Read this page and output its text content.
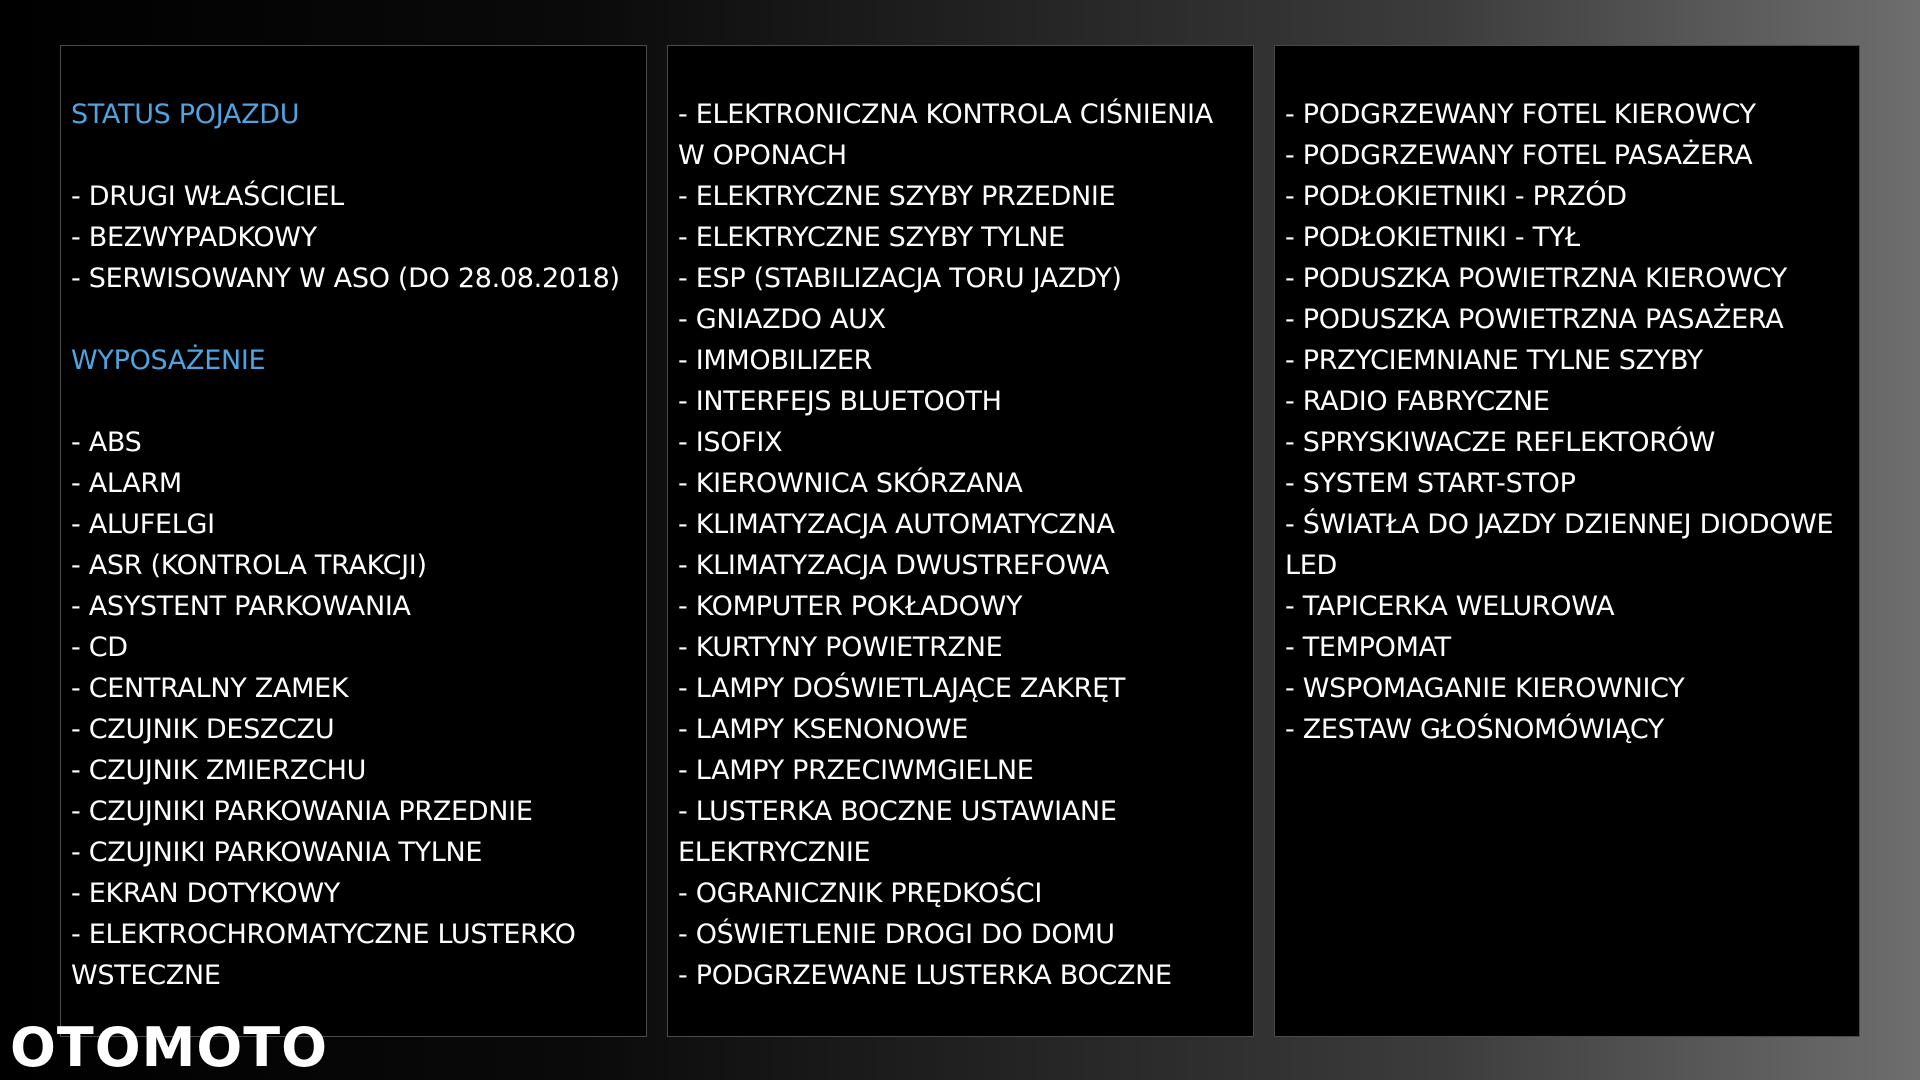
STATUS POJAZDU
- DRUGI WŁAŚCICIEL
- BEZWYPADKOWY
- SERWISOWANY W ASO (DO 28.08.2018)
WYPOSAŻENIE
- ABS
- ALARM
- ALUFELGI
- ASR (KONTROLA TRAKCJI)
- ASYSTENT PARKOWANIA
- CD
- CENTRALNY ZAMEK
- CZUJNIK DESZCZU
- CZUJNIK ZMIERZCHU
- CZUJNIKI PARKOWANIA PRZEDNIE
- CZUJNIKI PARKOWANIA TYLNE
- EKRAN DOTYKOWY
- ELEKTROCHROMATYCZNE LUSTERKO
WSTECZNE
- ELEKTRONICZNA KONTROLA CIŚNIENIA
W OPONACH
- ELEKTRYCZNE SZYBY PRZEDNIE
- ELEKTRYCZNE SZYBY TYLNE
- ESP (STABILIZACJA TORU JAZDY)
- GNIAZDO AUX
- IMMOBILIZER
- INTERFEJS BLUETOOTH
- ISOFIX
- KIEROWNICA SKÓRZANA
- KLIMATYZACJA AUTOMATYCZNA
- KLIMATYZACJA DWUSTREFOWA
- KOMPUTER POKŁADOWY
- KURTYNY POWIETRZNE
- LAMPY DOŚWIETLAJĄCE ZAKRĘT
- LAMPY KSENONOWE
- LAMPY PRZECIWMGIELNE
- LUSTERKA BOCZNE USTAWIANE
ELEKTRYCZNIE
- OGRANICZNIK PRĘDKOŚCI
- OŚWIETLENIE DROGI DO DOMU
- PODGRZEWANE LUSTERKA BOCZNE
- PODGRZEWANY FOTEL KIEROWCY
- PODGRZEWANY FOTEL PASAŻERA
- PODŁOKIETNIKI - PRZÓD
- PODŁOKIETNIKI - TYŁ
- PODUSZKA POWIETRZNA KIEROWCY
- PODUSZKA POWIETRZNA PASAŻERA
- PRZYCIEMNIANE TYLNE SZYBY
- RADIO FABRYCZNE
- SPRYSKIWACZE REFLEKTORÓW
- SYSTEM START-STOP
- ŚWIATŁA DO JAZDY DZIENNEJ DIODOWE
LED
- TAPICERKA WELUROWA
- TEMPOMAT
- WSPOMAGANIE KIEROWNICY
- ZESTAW GŁOŚNOMÓWIĄCY
OTOMOTO
